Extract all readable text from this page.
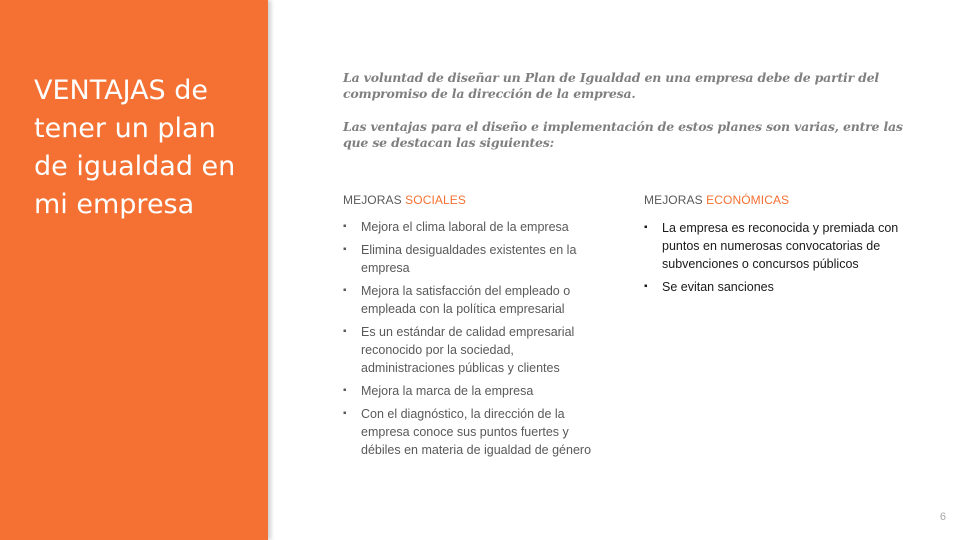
VENTAJAS de tener un plan de igualdad en mi empresa

La voluntad de diseñar un Plan de Igualdad en una empresa debe de partir del compromiso de la dirección de la empresa.

Las ventajas para el diseño e implementación de estos planes son varias, entre las que se destacan las siguientes:

MEJORAS SOCIALES
▪ Mejora el clima laboral de la empresa
▪ Elimina desigualdades existentes en la empresa
▪ Mejora la satisfacción del empleado o empleada con la política empresarial
▪ Es un estándar de calidad empresarial reconocido por la sociedad, administraciones públicas y clientes
▪ Mejora la marca de la empresa
▪ Con el diagnóstico, la dirección de la empresa conoce sus puntos fuertes y débiles en materia de igualdad de género
MEJORAS ECONÓMICAS
▪ La empresa es reconocida y premiada con puntos en numerosas convocatorias de subvenciones o concursos públicos
▪ Se evitan sanciones
6
